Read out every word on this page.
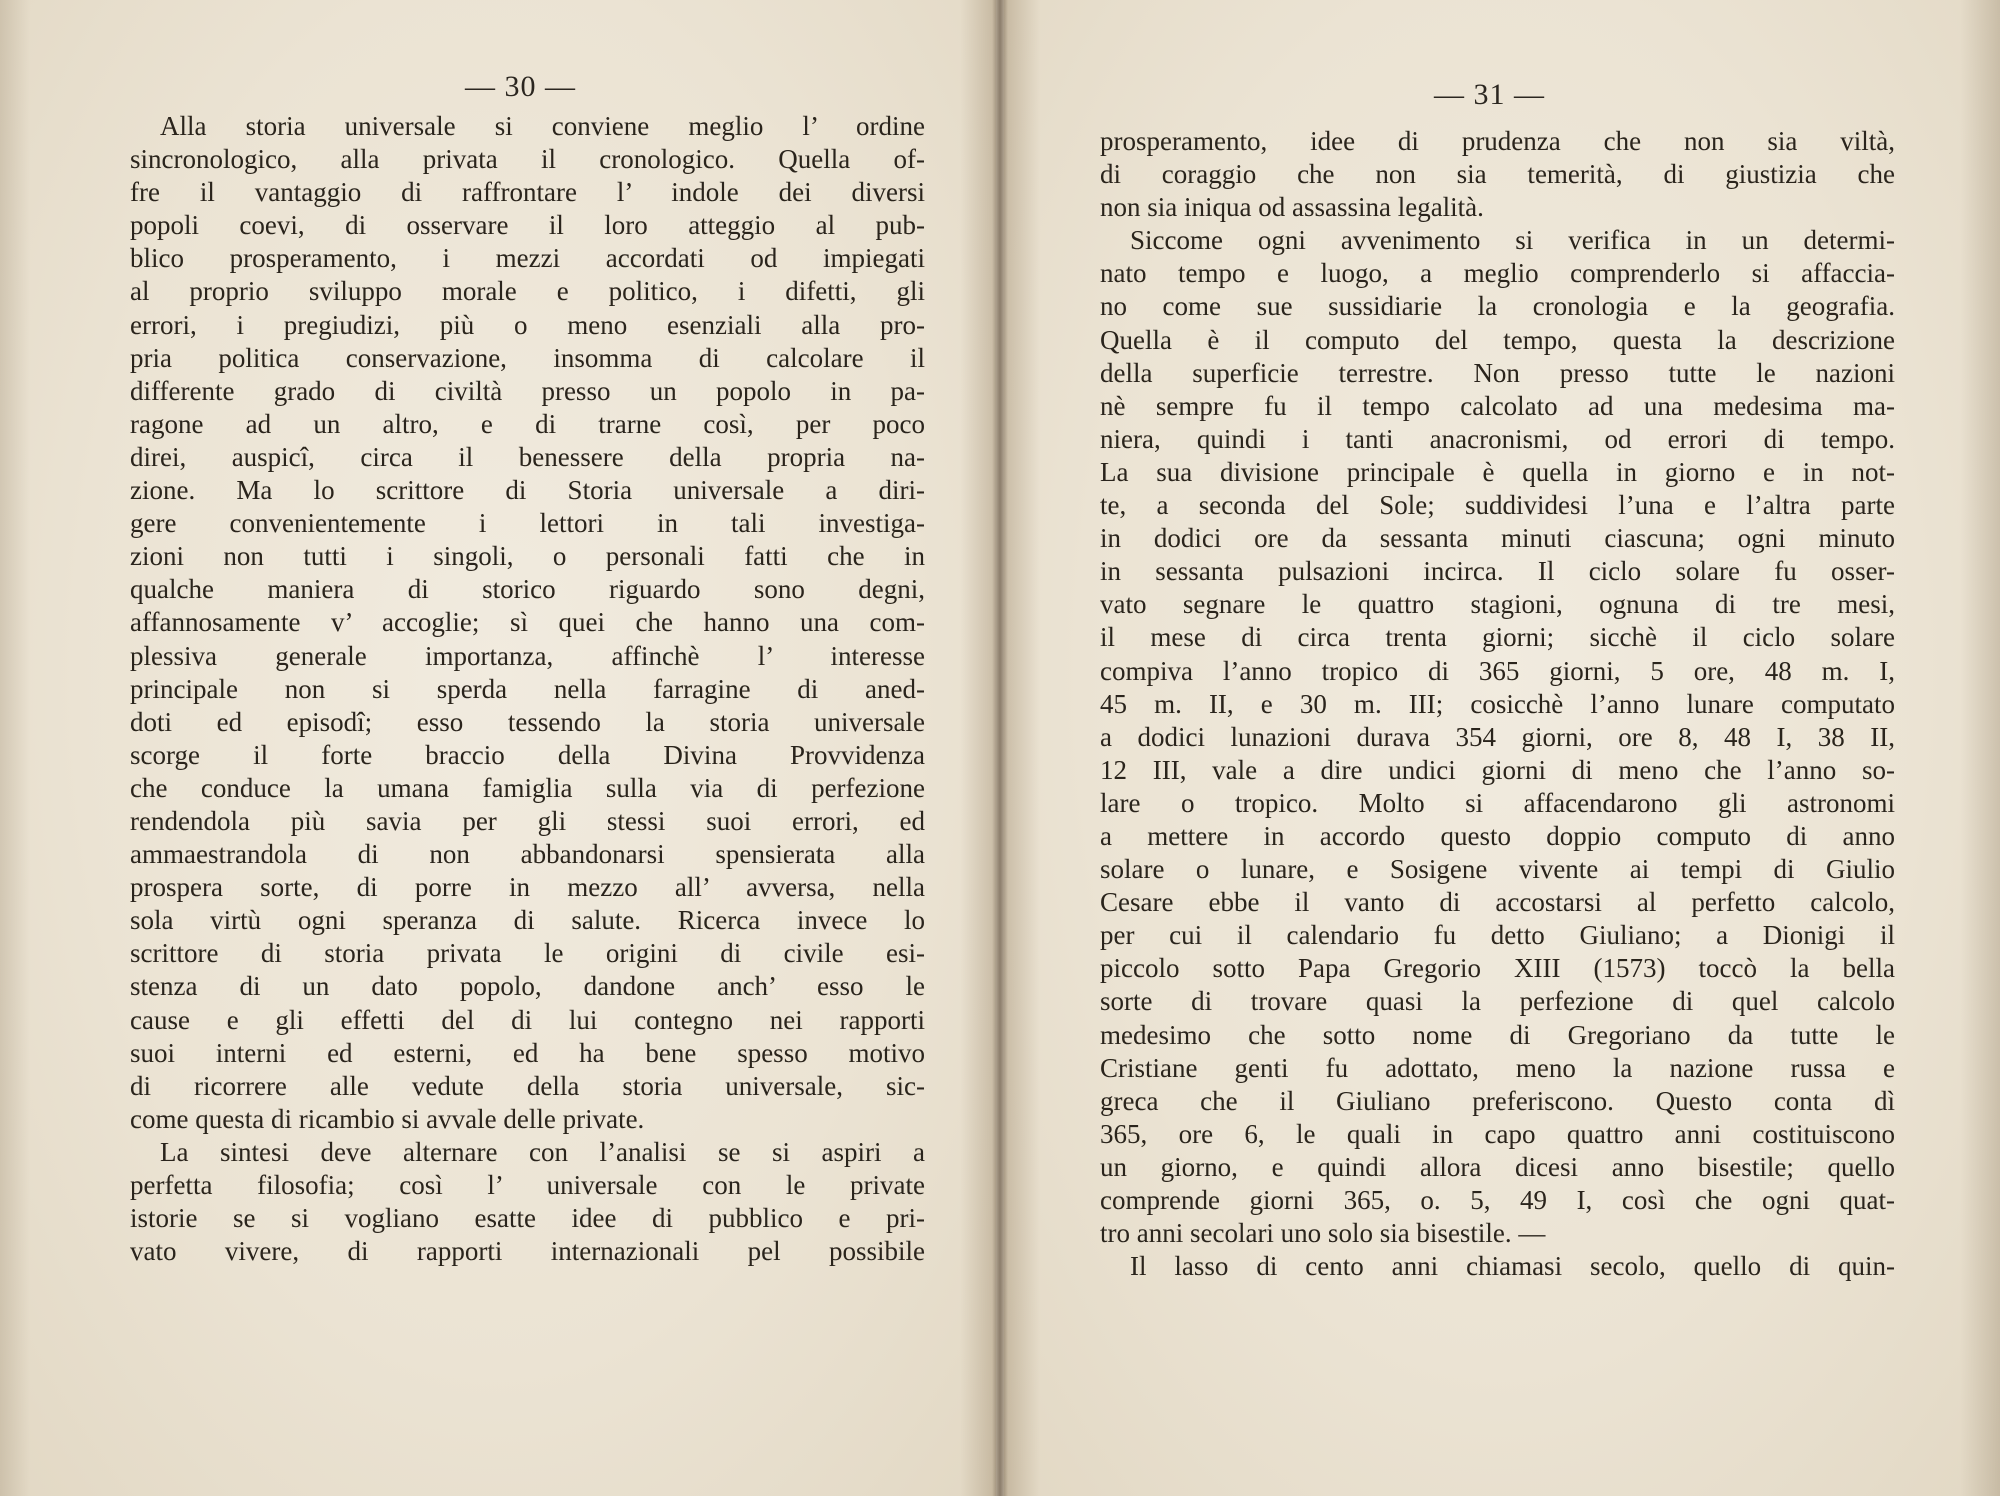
— 30 —
Alla storia universale si conviene meglio l’ ordine
sincronologico, alla privata il cronologico. Quella of-
fre il vantaggio di raffrontare l’ indole dei diversi
popoli coevi, di osservare il loro atteggio al pub-
blico prosperamento, i mezzi accordati od impiegati
al proprio sviluppo morale e politico, i difetti, gli
errori, i pregiudizi, più o meno esenziali alla pro-
pria politica conservazione, insomma di calcolare il
differente grado di civiltà presso un popolo in pa-
ragone ad un altro, e di trarne così, per poco
direi, auspicî, circa il benessere della propria na-
zione. Ma lo scrittore di Storia universale a diri-
gere convenientemente i lettori in tali investiga-
zioni non tutti i singoli, o personali fatti che in
qualche maniera di storico riguardo sono degni,
affannosamente v’ accoglie; sì quei che hanno una com-
plessiva generale importanza, affinchè l’ interesse
principale non si sperda nella farragine di aned-
doti ed episodî; esso tessendo la storia universale
scorge il forte braccio della Divina Provvidenza
che conduce la umana famiglia sulla via di perfezione
rendendola più savia per gli stessi suoi errori, ed
ammaestrandola di non abbandonarsi spensierata alla
prospera sorte, di porre in mezzo all’ avversa, nella
sola virtù ogni speranza di salute. Ricerca invece lo
scrittore di storia privata le origini di civile esi-
stenza di un dato popolo, dandone anch’ esso le
cause e gli effetti del di lui contegno nei rapporti
suoi interni ed esterni, ed ha bene spesso motivo
di ricorrere alle vedute della storia universale, sic-
come questa di ricambio si avvale delle private.
La sintesi deve alternare con l’analisi se si aspiri a
perfetta filosofia; così l’ universale con le private
istorie se si vogliano esatte idee di pubblico e pri-
vato vivere, di rapporti internazionali pel possibile
— 31 —
prosperamento, idee di prudenza che non sia viltà,
di coraggio che non sia temerità, di giustizia che
non sia iniqua od assassina legalità.
Siccome ogni avvenimento si verifica in un determi-
nato tempo e luogo, a meglio comprenderlo si affaccia-
no come sue sussidiarie la cronologia e la geografia.
Quella è il computo del tempo, questa la descrizione
della superficie terrestre. Non presso tutte le nazioni
nè sempre fu il tempo calcolato ad una medesima ma-
niera, quindi i tanti anacronismi, od errori di tempo.
La sua divisione principale è quella in giorno e in not-
te, a seconda del Sole; suddividesi l’una e l’altra parte
in dodici ore da sessanta minuti ciascuna; ogni minuto
in sessanta pulsazioni incirca. Il ciclo solare fu osser-
vato segnare le quattro stagioni, ognuna di tre mesi,
il mese di circa trenta giorni; sicchè il ciclo solare
compiva l’anno tropico di 365 giorni, 5 ore, 48 m. I,
45 m. II, e 30 m. III; cosicchè l’anno lunare computato
a dodici lunazioni durava 354 giorni, ore 8, 48 I, 38 II,
12 III, vale a dire undici giorni di meno che l’anno so-
lare o tropico. Molto si affacendarono gli astronomi
a mettere in accordo questo doppio computo di anno
solare o lunare, e Sosigene vivente ai tempi di Giulio
Cesare ebbe il vanto di accostarsi al perfetto calcolo,
per cui il calendario fu detto Giuliano; a Dionigi il
piccolo sotto Papa Gregorio XIII (1573) toccò la bella
sorte di trovare quasi la perfezione di quel calcolo
medesimo che sotto nome di Gregoriano da tutte le
Cristiane genti fu adottato, meno la nazione russa e
greca che il Giuliano preferiscono. Questo conta dì
365, ore 6, le quali in capo quattro anni costituiscono
un giorno, e quindi allora dicesi anno bisestile; quello
comprende giorni 365, o. 5, 49 I, così che ogni quat-
tro anni secolari uno solo sia bisestile. —
Il lasso di cento anni chiamasi secolo, quello di quin-
